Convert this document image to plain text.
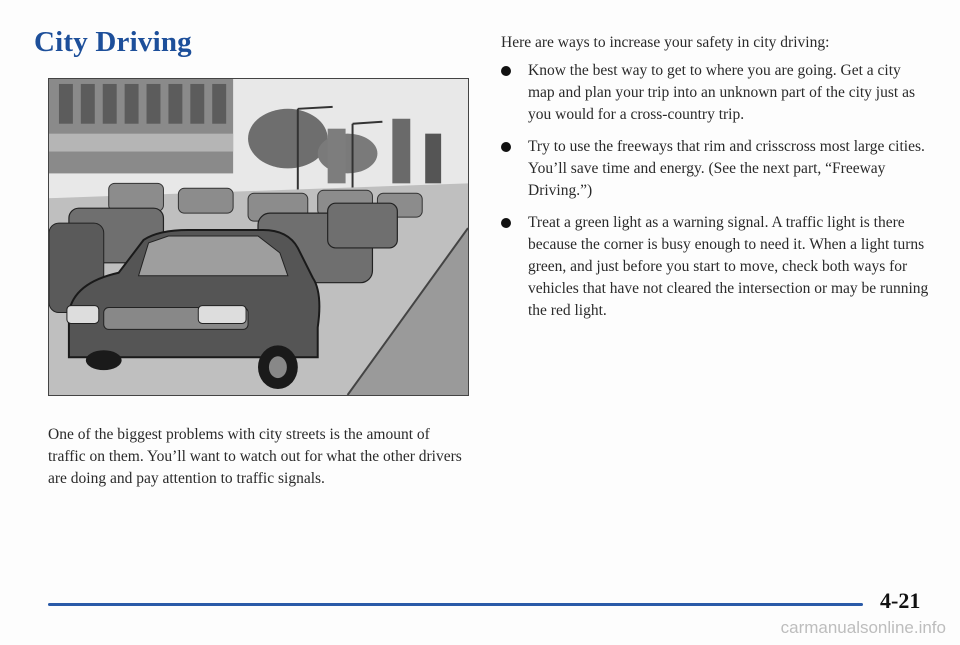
City Driving

One of the biggest problems with city streets is the amount of traffic on them. You’ll want to watch out for what the other drivers are doing and pay attention to traffic signals.

Here are ways to increase your safety in city driving:

Know the best way to get to where you are going. Get a city map and plan your trip into an unknown part of the city just as you would for a cross-country trip.
Try to use the freeways that rim and crisscross most large cities. You’ll save time and energy. (See the next part, “Freeway Driving.”)
Treat a green light as a warning signal. A traffic light is there because the corner is busy enough to need it. When a light turns green, and just before you start to move, check both ways for vehicles that have not cleared the intersection or may be running the red light.
4-21
carmanualsonline.info
